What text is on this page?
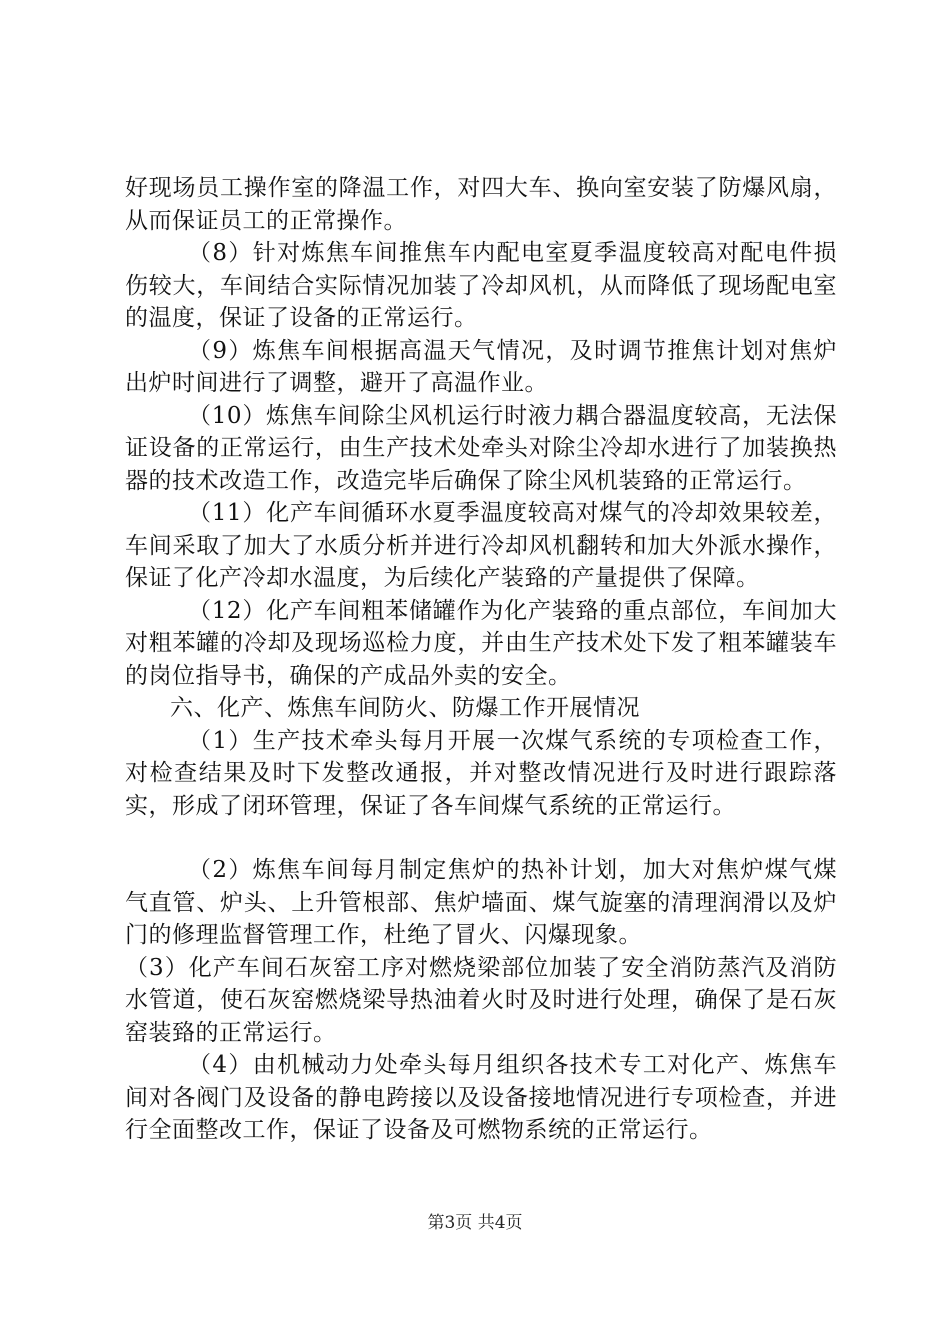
好现场员工操作室的降温工作，对四大车、换向室安装了防爆风扇，从而保证员工的正常操作。

（8）针对炼焦车间推焦车内配电室夏季温度较高对配电件损伤较大，车间结合实际情况加装了冷却风机，从而降低了现场配电室的温度，保证了设备的正常运行。

（9）炼焦车间根据高温天气情况，及时调节推焦计划对焦炉出炉时间进行了调整，避开了高温作业。

（10）炼焦车间除尘风机运行时液力耦合器温度较高，无法保证设备的正常运行，由生产技术处牵头对除尘冷却水进行了加装换热器的技术改造工作，改造完毕后确保了除尘风机装臵的正常运行。

（11）化产车间循环水夏季温度较高对煤气的冷却效果较差，车间采取了加大了水质分析并进行冷却风机翻转和加大外派水操作，保证了化产冷却水温度，为后续化产装臵的产量提供了保障。

（12）化产车间粗苯储罐作为化产装臵的重点部位，车间加大对粗苯罐的冷却及现场巡检力度，并由生产技术处下发了粗苯罐装车的岗位指导书，确保的产成品外卖的安全。

六、化产、炼焦车间防火、防爆工作开展情况

（1）生产技术牵头每月开展一次煤气系统的专项检查工作，对检查结果及时下发整改通报，并对整改情况进行及时进行跟踪落实，形成了闭环管理，保证了各车间煤气系统的正常运行。

（2）炼焦车间每月制定焦炉的热补计划，加大对焦炉煤气煤气直管、炉头、上升管根部、焦炉墙面、煤气旋塞的清理润滑以及炉门的修理监督管理工作，杜绝了冒火、闪爆现象。

（3）化产车间石灰窑工序对燃烧梁部位加装了安全消防蒸汽及消防水管道，使石灰窑燃烧梁导热油着火时及时进行处理，确保了是石灰窑装臵的正常运行。

（4）由机械动力处牵头每月组织各技术专工对化产、炼焦车间对各阀门及设备的静电跨接以及设备接地情况进行专项检查，并进行全面整改工作，保证了设备及可燃物系统的正常运行。

第3页 共4页
